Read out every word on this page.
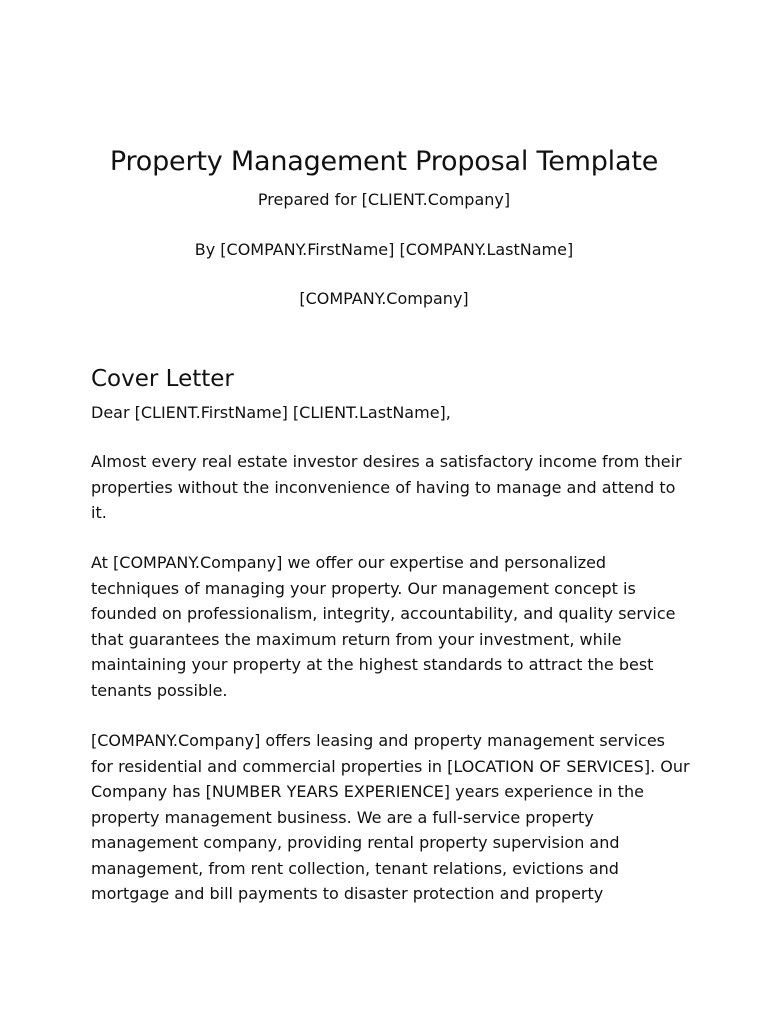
Property Management Proposal Template
Prepared for [CLIENT.Company]
By [COMPANY.FirstName] [COMPANY.LastName]
[COMPANY.Company]
Cover Letter

Dear [CLIENT.FirstName] [CLIENT.LastName],

Almost every real estate investor desires a satisfactory income from their properties without the inconvenience of having to manage and attend to it.

At [COMPANY.Company] we offer our expertise and personalized techniques of managing your property. Our management concept is founded on professionalism, integrity, accountability, and quality service that guarantees the maximum return from your investment, while maintaining your property at the highest standards to attract the best tenants possible.

[COMPANY.Company] offers leasing and property management services for residential and commercial properties in [LOCATION OF SERVICES]. Our Company has [NUMBER YEARS EXPERIENCE] years experience in the property management business. We are a full-service property management company, providing rental property supervision and management, from rent collection, tenant relations, evictions and mortgage and bill payments to disaster protection and property
